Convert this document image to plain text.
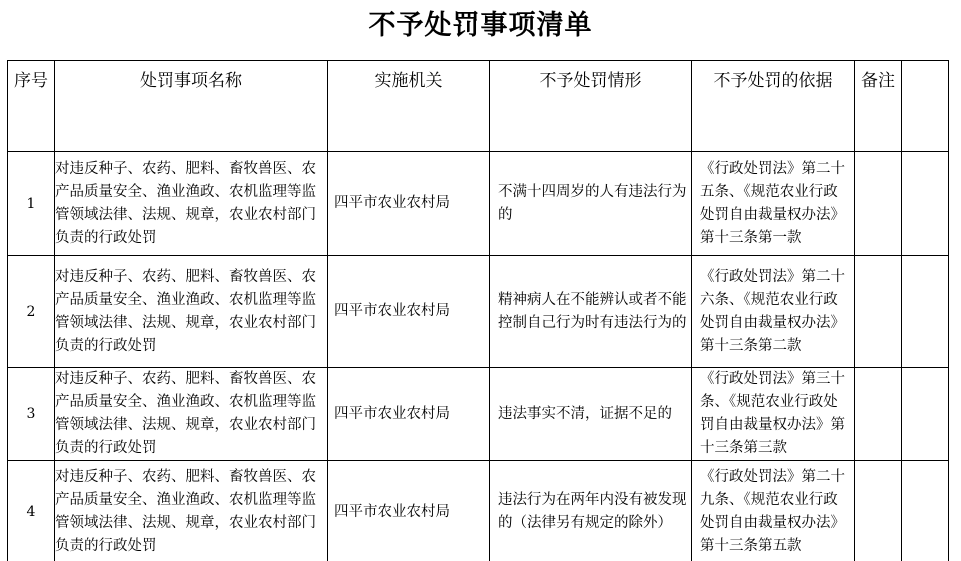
不予处罚事项清单
序号	处罚事项名称	实施机关	不予处罚情形	不予处罚的依据	备注	
1	对违反种子、农药、肥料、畜牧兽医、农产品质量安全、渔业渔政、农机监理等监管领域法律、法规、规章，农业农村部门负责的行政处罚	四平市农业农村局	不满十四周岁的人有违法行为的	《行政处罚法》第二十五条、《规范农业行政处罚自由裁量权办法》第十三条第一款		
2	对违反种子、农药、肥料、畜牧兽医、农产品质量安全、渔业渔政、农机监理等监管领域法律、法规、规章，农业农村部门负责的行政处罚	四平市农业农村局	精神病人在不能辨认或者不能控制自己行为时有违法行为的	《行政处罚法》第二十六条、《规范农业行政处罚自由裁量权办法》第十三条第二款		
3	对违反种子、农药、肥料、畜牧兽医、农产品质量安全、渔业渔政、农机监理等监管领域法律、法规、规章，农业农村部门负责的行政处罚	四平市农业农村局	违法事实不清，证据不足的	《行政处罚法》第三十条、《规范农业行政处罚自由裁量权办法》第十三条第三款		
4	对违反种子、农药、肥料、畜牧兽医、农产品质量安全、渔业渔政、农机监理等监管领域法律、法规、规章，农业农村部门负责的行政处罚	四平市农业农村局	违法行为在两年内没有被发现的（法律另有规定的除外）	《行政处罚法》第二十九条、《规范农业行政处罚自由裁量权办法》第十三条第五款		
